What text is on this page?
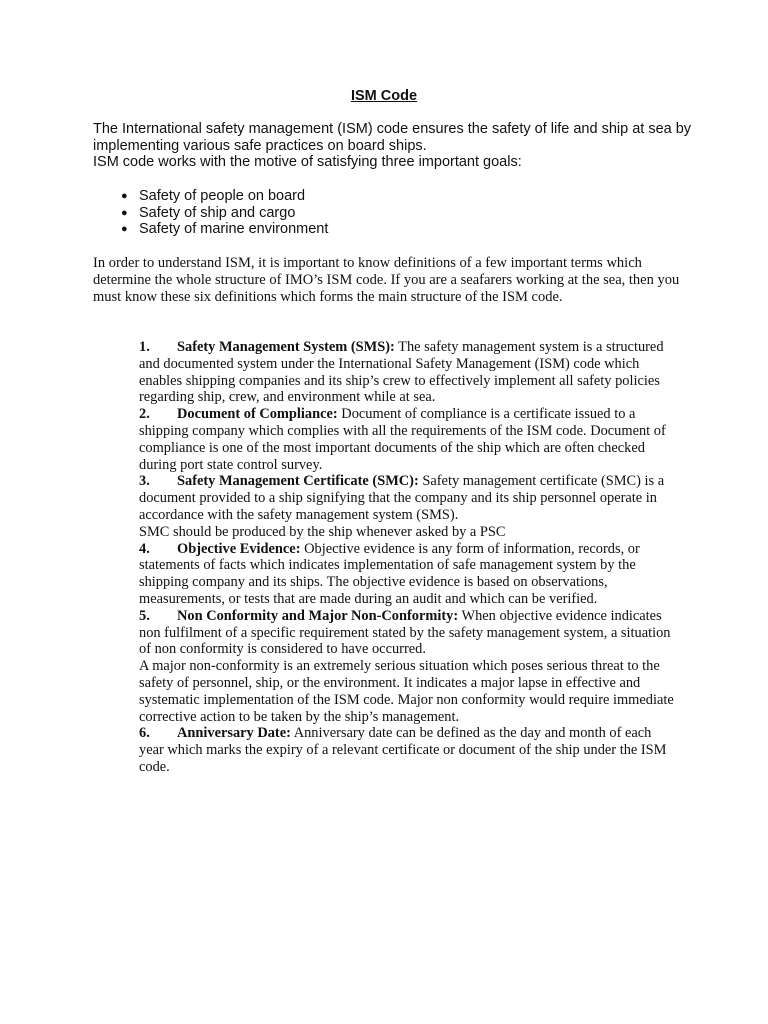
ISM Code

The International safety management (ISM) code ensures the safety of life and ship at sea by implementing various safe practices on board ships.

ISM code works with the motive of satisfying three important goals:

● Safety of people on board
● Safety of ship and cargo
● Safety of marine environment

In order to understand ISM, it is important to know definitions of a few important terms which determine the whole structure of IMO’s ISM code. If you are a seafarers working at the sea, then you must know these six definitions which forms the main structure of the ISM code.

1. Safety Management System (SMS): The safety management system is a structured and documented system under the International Safety Management (ISM) code which enables shipping companies and its ship’s crew to effectively implement all safety policies regarding ship, crew, and environment while at sea.
2. Document of Compliance: Document of compliance is a certificate issued to a shipping company which complies with all the requirements of the ISM code. Document of compliance is one of the most important documents of the ship which are often checked during port state control survey.
3. Safety Management Certificate (SMC): Safety management certificate (SMC) is a document provided to a ship signifying that the company and its ship personnel operate in accordance with the safety management system (SMS).
SMC should be produced by the ship whenever asked by a PSC
4. Objective Evidence: Objective evidence is any form of information, records, or statements of facts which indicates implementation of safe management system by the shipping company and its ships. The objective evidence is based on observations, measurements, or tests that are made during an audit and which can be verified.
5. Non Conformity and Major Non-Conformity: When objective evidence indicates non fulfilment of a specific requirement stated by the safety management system, a situation of non conformity is considered to have occurred.
A major non-conformity is an extremely serious situation which poses serious threat to the safety of personnel, ship, or the environment. It indicates a major lapse in effective and systematic implementation of the ISM code. Major non conformity would require immediate corrective action to be taken by the ship’s management.
6. Anniversary Date: Anniversary date can be defined as the day and month of each year which marks the expiry of a relevant certificate or document of the ship under the ISM code.
